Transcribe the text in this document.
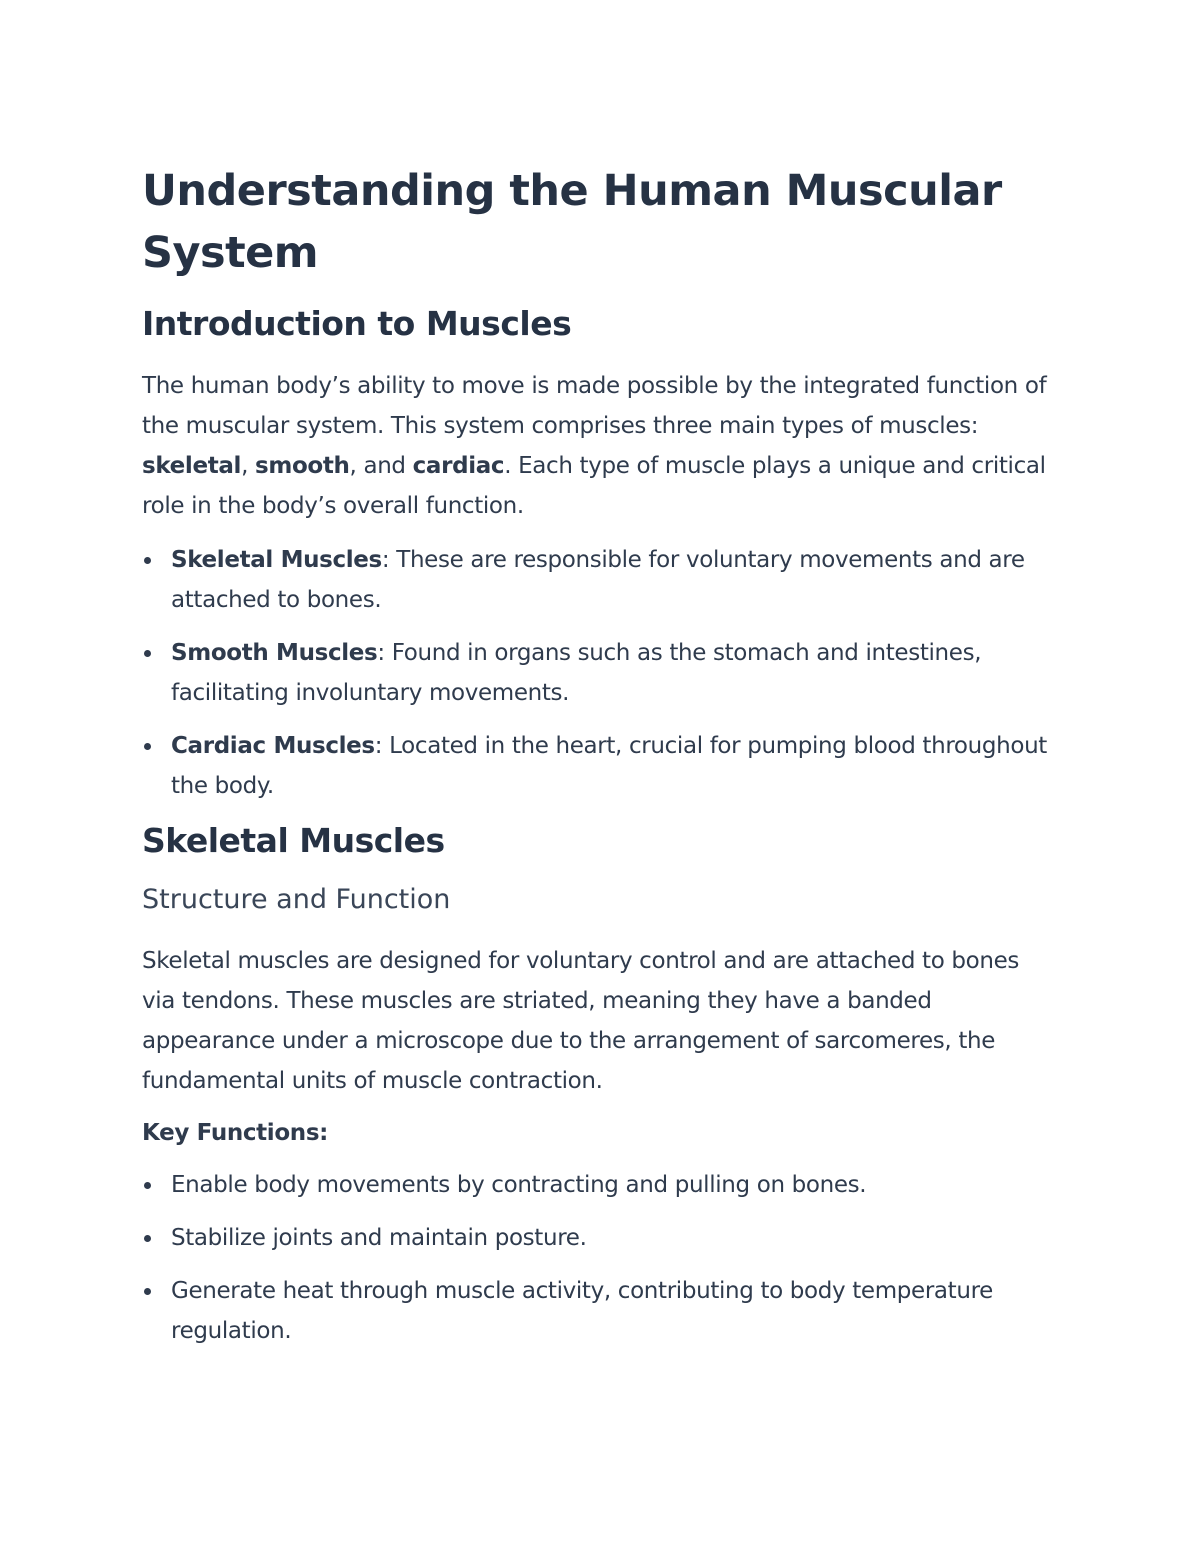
Understanding the Human Muscular System
Introduction to Muscles

The human body’s ability to move is made possible by the integrated function of the muscular system. This system comprises three main types of muscles: skeletal, smooth, and cardiac. Each type of muscle plays a unique and critical role in the body’s overall function.

Skeletal Muscles: These are responsible for voluntary movements and are attached to bones.
Smooth Muscles: Found in organs such as the stomach and intestines, facilitating involuntary movements.
Cardiac Muscles: Located in the heart, crucial for pumping blood throughout the body.
Skeletal Muscles
Structure and Function

Skeletal muscles are designed for voluntary control and are attached to bones via tendons. These muscles are striated, meaning they have a banded appearance under a microscope due to the arrangement of sarcomeres, the fundamental units of muscle contraction.

Key Functions:

Enable body movements by contracting and pulling on bones.
Stabilize joints and maintain posture.
Generate heat through muscle activity, contributing to body temperature regulation.
